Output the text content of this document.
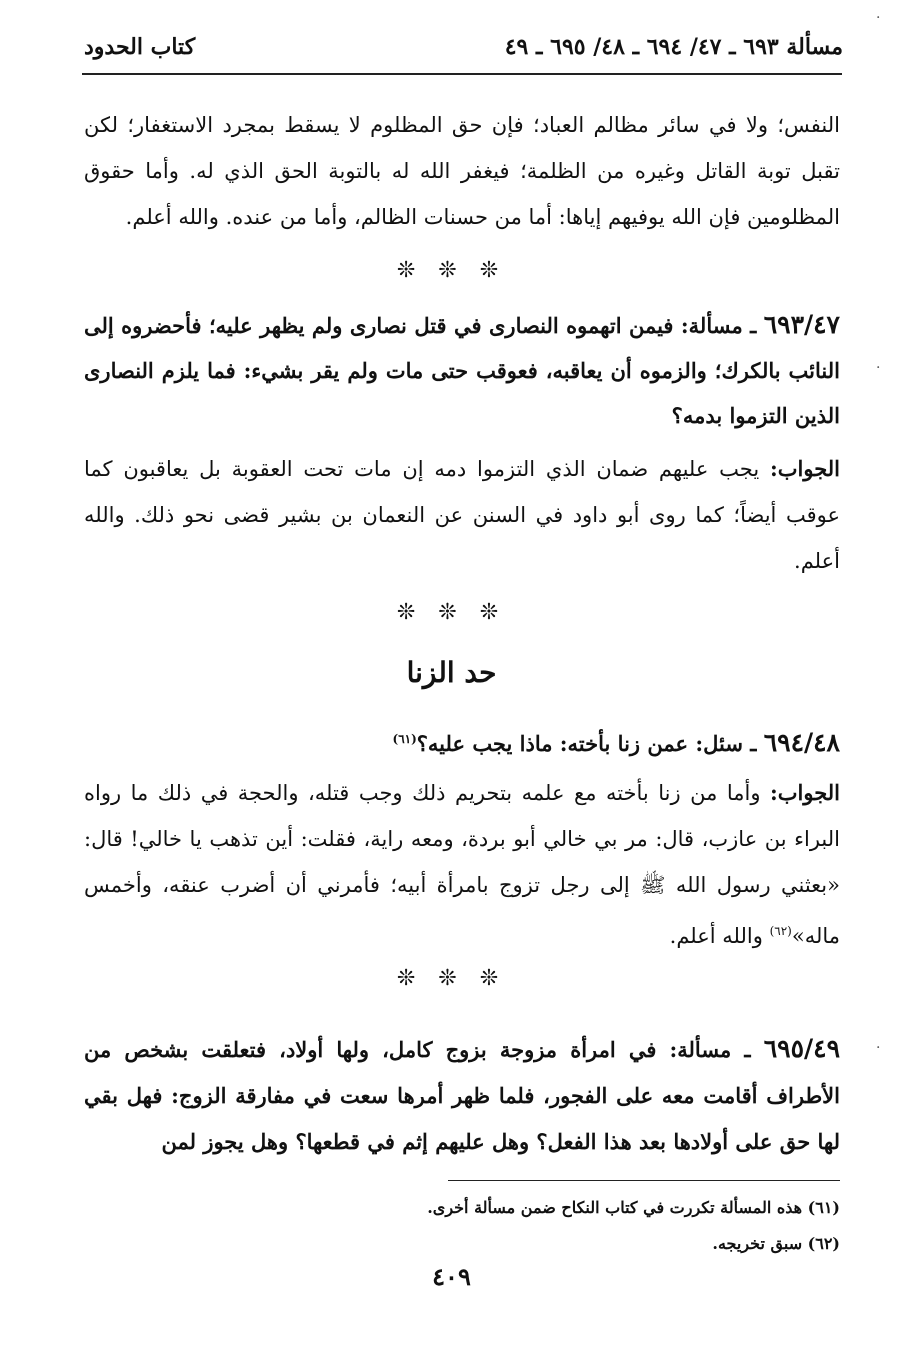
مسألة ٦٩٣ ـ ٤٧/ ٦٩٤ ـ ٤٨/ ٦٩٥ ـ ٤٩
كتاب الحدود
النفس؛ ولا في سائر مظالم العباد؛ فإن حق المظلوم لا يسقط بمجرد الاستغفار؛ لكن تقبل توبة القاتل وغيره من الظلمة؛ فيغفر الله له بالتوبة الحق الذي له. وأما حقوق المظلومين فإن الله يوفيهم إياها: أما من حسنات الظالم، وأما من عنده. والله أعلم.
❊ ❊ ❊
٦٩٣/٤٧ ـ مسألة: فيمن اتهموه النصارى في قتل نصارى ولم يظهر عليه؛ فأحضروه إلى النائب بالكرك؛ والزموه أن يعاقبه، فعوقب حتى مات ولم يقر بشيء: فما يلزم النصارى الذين التزموا بدمه؟
الجواب: يجب عليهم ضمان الذي التزموا دمه إن مات تحت العقوبة بل يعاقبون كما عوقب أيضاً؛ كما روى أبو داود في السنن عن النعمان بن بشير قضى نحو ذلك. والله أعلم.
❊ ❊ ❊
حد الزنا
٦٩٤/٤٨ ـ سئل: عمن زنا بأخته: ماذا يجب عليه؟$^{(٦١)}$
الجواب: وأما من زنا بأخته مع علمه بتحريم ذلك وجب قتله، والحجة في ذلك ما رواه البراء بن عازب، قال: مر بي خالي أبو بردة، ومعه راية، فقلت: أين تذهب يا خالي! قال: «بعثني رسول الله ﷺ إلى رجل تزوج بامرأة أبيه؛ فأمرني أن أضرب عنقه، وأخمس ماله»$^{(٦٢)}$ والله أعلم.
❊ ❊ ❊
٦٩٥/٤٩ ـ مسألة: في امرأة مزوجة بزوج كامل، ولها أولاد، فتعلقت بشخص من الأطراف أقامت معه على الفجور، فلما ظهر أمرها سعت في مفارقة الزوج: فهل بقي لها حق على أولادها بعد هذا الفعل؟ وهل عليهم إثم في قطعها؟ وهل يجوز لمن
(٦١) هذه المسألة تكررت في كتاب النكاح ضمن مسألة أخرى.
(٦٢) سبق تخريجه.
٤٠٩
·
·
·
